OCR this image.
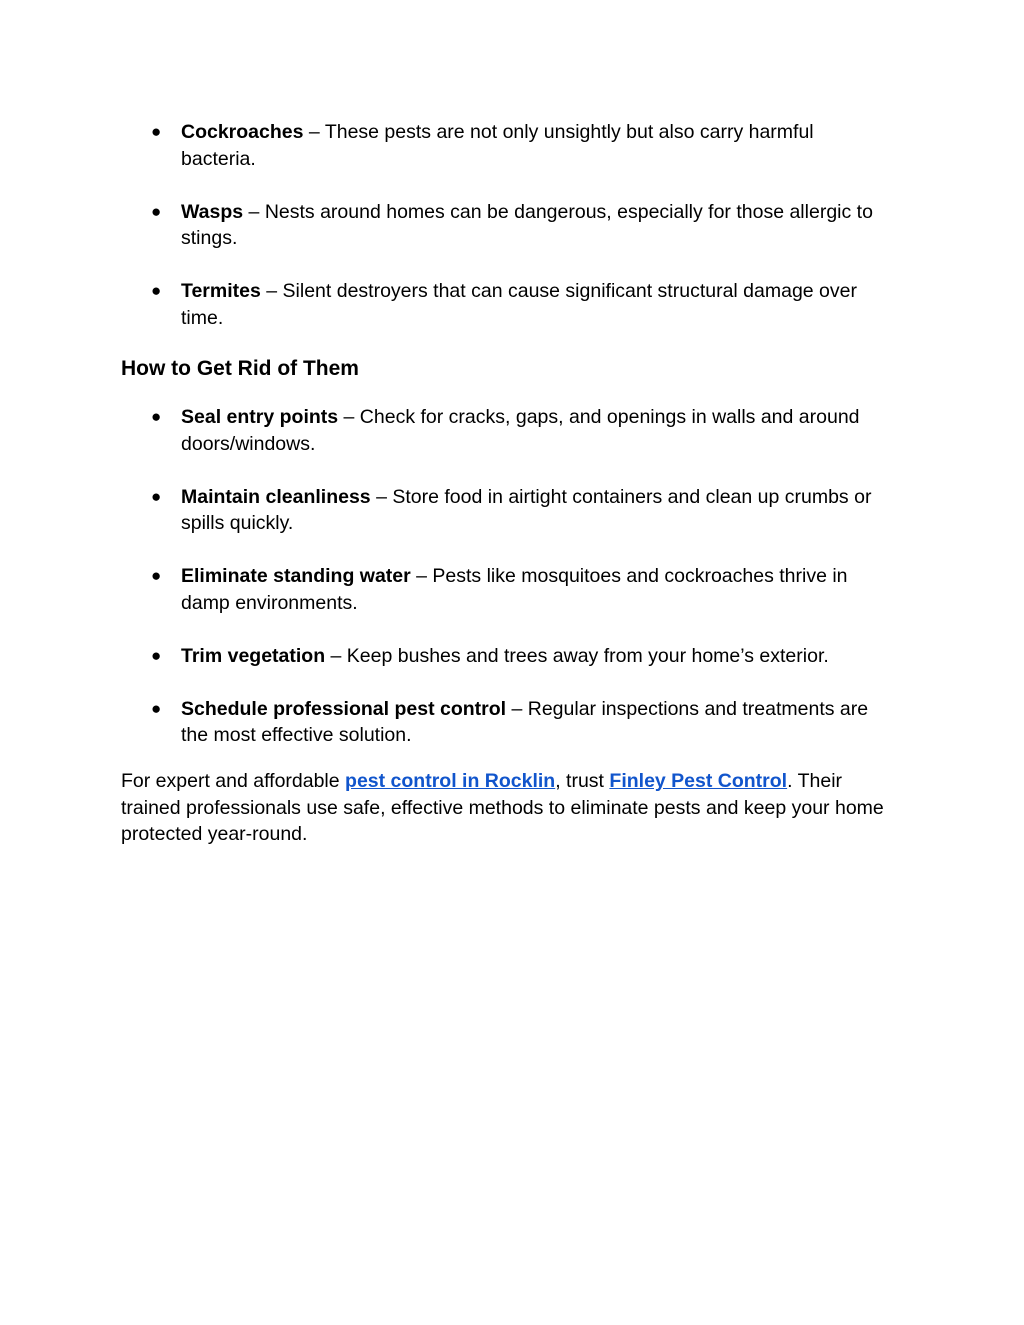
● Cockroaches – These pests are not only unsightly but also carry harmful bacteria.
● Wasps – Nests around homes can be dangerous, especially for those allergic to stings.
● Termites – Silent destroyers that can cause significant structural damage over time.
How to Get Rid of Them
● Seal entry points – Check for cracks, gaps, and openings in walls and around doors/windows.
● Maintain cleanliness – Store food in airtight containers and clean up crumbs or spills quickly.
● Eliminate standing water – Pests like mosquitoes and cockroaches thrive in damp environments.
● Trim vegetation – Keep bushes and trees away from your home’s exterior.
● Schedule professional pest control – Regular inspections and treatments are the most effective solution.

For expert and affordable pest control in Rocklin, trust Finley Pest Control. Their trained professionals use safe, effective methods to eliminate pests and keep your home protected year-round.
